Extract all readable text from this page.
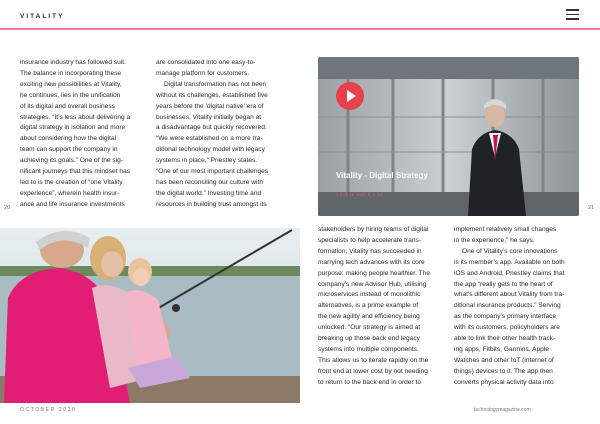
VITALITY

insurance industry has followed suit.

The balance in incorporating these

exciting new possibilities at Vitality,

he continues, lies in the unification

of its digital and overall business

strategies. “It’s less about delivering a

digital strategy in isolation and more

about considering how the digital

team can support the company in

achieving its goals.” One of the sig-

nificant journeys that this mindset has

led to is the creation of “one Vitality

experience”, wherein health insur-

ance and life insurance investments

are consolidated into one easy-to-

manage platform for customers.

Digital transformation has not been

without its challenges, established five

years before the ‘digital native’ era of

businesses, Vitality initially began at

a disadvantage but quickly recovered:

“We were established on a more tra-

ditional technology model with legacy

systems in place,” Priestley states.

“One of our most important challenges

has been reconciling our culture with

the digital world.” Investing time and

resources in building trust amongst its

stakeholders by hiring teams of digital

specialists to help accelerate trans-

formation, Vitality has succeeded in

marrying tech advances with its core

purpose: making people healthier. The

company’s new Advisor Hub, utilising

microservices instead of monolithic

alternatives, is a prime example of

the new agility and efficiency being

unlocked. “Our strategy is aimed at

breaking up those back end legacy

systems into multiple components.

This allows us to iterate rapidly on the

front end at lower cost by not needing

to return to the back end in order to

implement relatively small changes

in the experience,” he says.

One of Vitality’s core innovations

is its member’s app. Available on both

iOS and Android, Priestley claims that

the app “really gets to the heart of

what’s different about Vitality from tra-

ditional insurance products.” Serving

as the company’s primary interface

with its customers, policyholders are

able to link their other health track-

ing apps, Fitbits, Garmins, Apple

Watches and other IoT (internet of

things) devices to it. The app then

converts physical activity data into

20	21
Vitality - Digital Strategy
Click to watch 2 12
OCTOBER 2020	technologymagazine.com
